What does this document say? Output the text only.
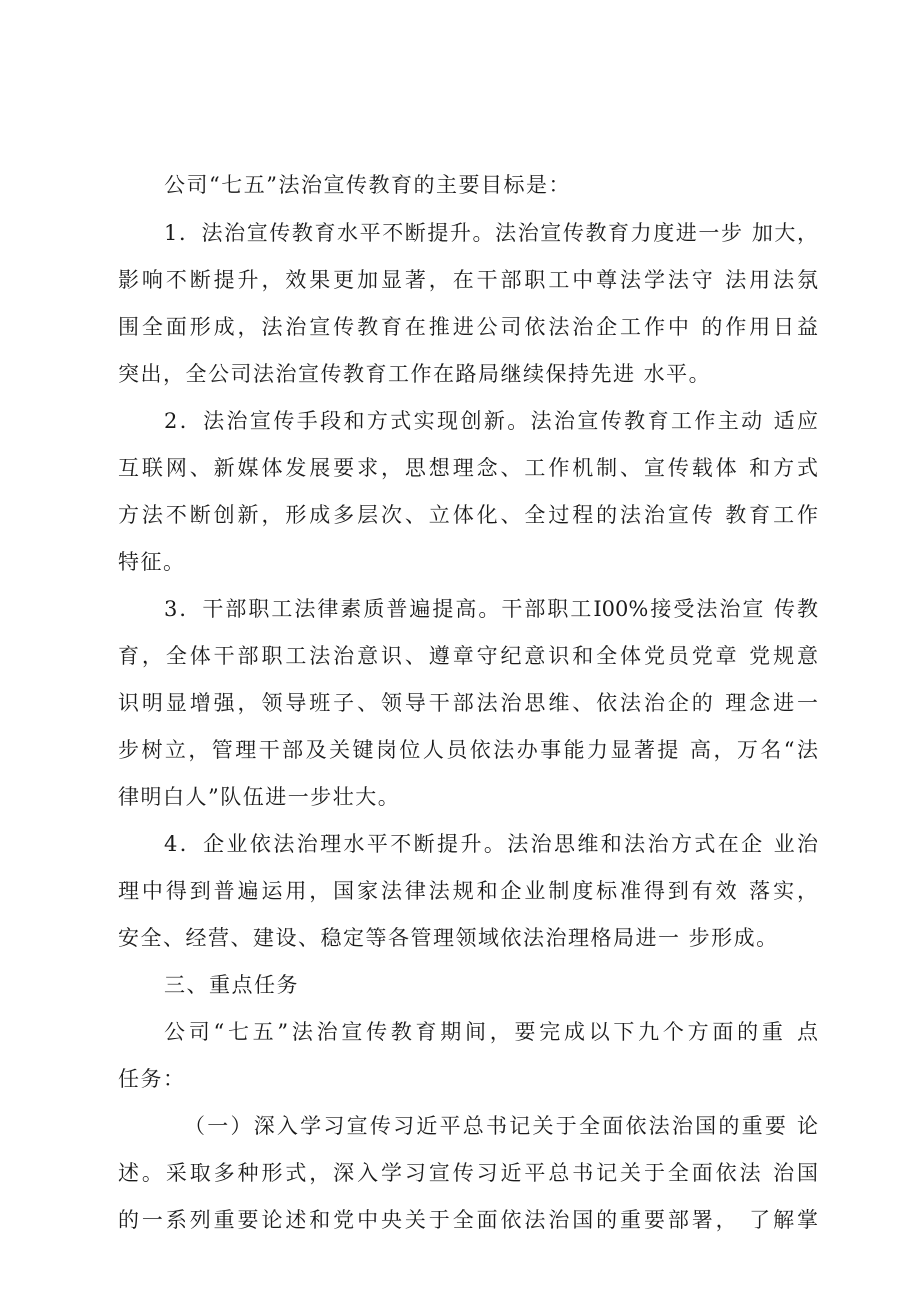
公司“七五”法治宣传教育的主要目标是：
1．法治宣传教育水平不断提升。法治宣传教育力度进一步 加大，
影响不断提升，效果更加显著，在干部职工中尊法学法守 法用法氛
围全面形成，法治宣传教育在推进公司依法治企工作中 的作用日益
突出，全公司法治宣传教育工作在路局继续保持先进 水平。
2．法治宣传手段和方式实现创新。法治宣传教育工作主动 适应
互联网、新媒体发展要求，思想理念、工作机制、宣传载体 和方式
方法不断创新，形成多层次、立体化、全过程的法治宣传 教育工作
特征。
3．干部职工法律素质普遍提高。干部职工I00%接受法治宣 传教
育，全体干部职工法治意识、遵章守纪意识和全体党员党章 党规意
识明显增强，领导班子、领导干部法治思维、依法治企的 理念进一
步树立，管理干部及关键岗位人员依法办事能力显著提 高，万名“法
律明白人”队伍进一步壮大。
4．企业依法治理水平不断提升。法治思维和法治方式在企 业治
理中得到普遍运用，国家法律法规和企业制度标准得到有效 落实，
安全、经营、建设、稳定等各管理领域依法治理格局进一 步形成。
三、重点任务
公司“七五”法治宣传教育期间，要完成以下九个方面的重 点
任务：
（一）深入学习宣传习近平总书记关于全面依法治国的重要 论
述。采取多种形式，深入学习宣传习近平总书记关于全面依法 治国
的一系列重要论述和党中央关于全面依法治国的重要部署， 了解掌
